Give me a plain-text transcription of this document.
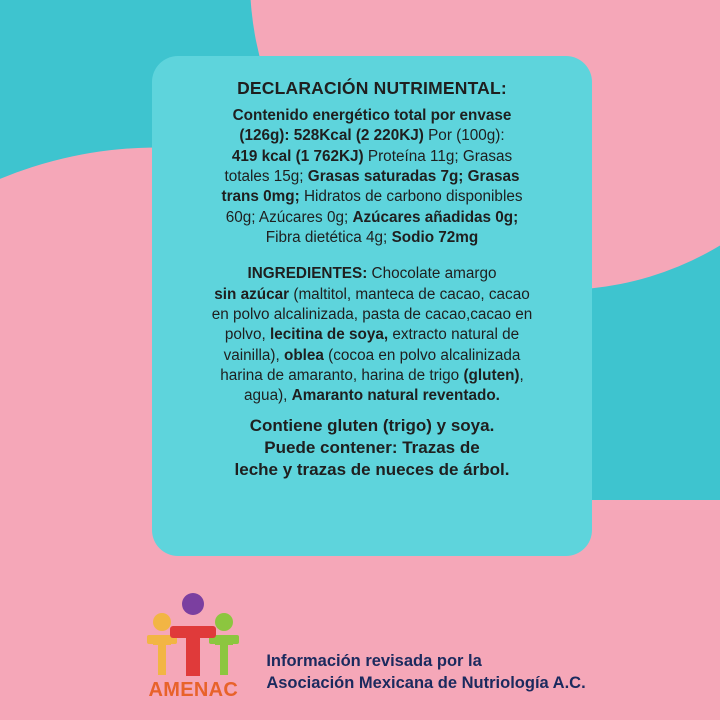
DECLARACIÓN NUTRIMENTAL:
Contenido energético total por envase
(126g): 528Kcal (2 220KJ) Por (100g):
419 kcal (1 762KJ) Proteína 11g; Grasas
totales 15g; Grasas saturadas 7g; Grasas
trans 0mg; Hidratos de carbono disponibles
60g; Azúcares 0g; Azúcares añadidas 0g;
Fibra dietética 4g; Sodio 72mg
INGREDIENTES: Chocolate amargo
sin azúcar (maltitol, manteca de cacao, cacao
en polvo alcalinizada, pasta de cacao,cacao en
polvo, lecitina de soya, extracto natural de
vainilla), oblea (cocoa en polvo alcalinizada
harina de amaranto, harina de trigo (gluten),
agua), Amaranto natural reventado.
Contiene gluten (trigo) y soya.
Puede contener: Trazas de
leche y trazas de nueces de árbol.
AMENAC
Información revisada por la
Asociación Mexicana de Nutriología A.C.
